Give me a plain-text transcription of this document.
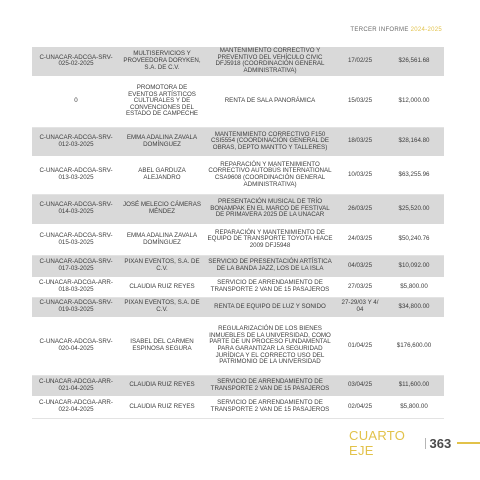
TERCER INFORME 2024-2025
C-UNACAR-ADCGA-SRV-025-02-2025	MULTISERVICIOS Y PROVEEDORA DORYKEN, S.A. DE C.V.	MANTENIMIENTO CORRECTIVO Y PREVENTIVO DEL VEHÍCULO CIVIC DFJ5918 (COORDINACIÓN GENERAL ADMINISTRATIVA)	17/02/25	$26,561.68
0	PROMOTORA DE EVENTOS ARTÍSTICOS CULTURALES Y DE CONVENCIONES DEL ESTADO DE CAMPECHE	RENTA DE SALA PANORÁMICA	15/03/25	$12,000.00
C-UNACAR-ADCGA-SRV-012-03-2025	EMMA ADALINA ZAVALA DOMÍNGUEZ	MANTENIMIENTO CORRECTIVO F150 CSI5554 (COORDINACIÓN GENERAL DE OBRAS, DEPTO MANTTO Y TALLERES)	18/03/25	$28,164.80
C-UNACAR-ADCGA-SRV-013-03-2025	ABEL GARDUZA ALEJANDRO	REPARACIÓN Y MANTENIMIENTO CORRECTIVO AUTOBÚS INTERNATIONAL CSA9608 (COORDINACIÓN GENERAL ADMINISTRATIVA)	10/03/25	$63,255.96
C-UNACAR-ADCGA-SRV-014-03-2025	JOSÉ MELECIO CÁMERAS MÉNDEZ	PRESENTACIÓN MUSICAL DE TRÍO BONAMPAK EN EL MARCO DE FESTIVAL DE PRIMAVERA 2025 DE LA UNACAR	26/03/25	$25,520.00
C-UNACAR-ADCGA-SRV-015-03-2025	EMMA ADALINA ZAVALA DOMÍNGUEZ	REPARACIÓN Y MANTENIMIENTO DE EQUIPO DE TRANSPORTE TOYOTA HIACE 2009 DFJ5948	24/03/25	$50,240.76
C-UNACAR-ADCGA-SRV-017-03-2025	PIXAN EVENTOS, S.A. DE C.V.	SERVICIO DE PRESENTACIÓN ARTÍSTICA DE LA BANDA JAZZ, LOS DE LA ISLA	04/03/25	$10,092.00
C-UNACAR-ADCGA-ARR-018-03-2025	CLAUDIA RUIZ REYES	SERVICIO DE ARRENDAMIENTO DE TRANSPORTE 2 VAN DE 15 PASAJEROS	27/03/25	$5,800.00
C-UNACAR-ADCGA-SRV-019-03-2025	PIXAN EVENTOS, S.A. DE C.V.	RENTA DE EQUIPO DE LUZ Y SONIDO	27-29/03 Y 4/ 04	$34,800.00
C-UNACAR-ADCGA-SRV-020-04-2025	ISABEL DEL CARMEN ESPINOSA SEGURA	REGULARIZACIÓN DE LOS BIENES INMUEBLES DE LA UNIVERSIDAD, COMO PARTE DE UN PROCESO FUNDAMENTAL PARA GARANTIZAR LA SEGURIDAD JURÍDICA Y EL CORRECTO USO DEL PATRIMONIO DE LA UNIVERSIDAD	01/04/25	$176,600.00
C-UNACAR-ADCGA-ARR-021-04-2025	CLAUDIA RUIZ REYES	SERVICIO DE ARRENDAMIENTO DE TRANSPORTE 2 VAN DE 15 PASAJEROS	03/04/25	$11,600.00
C-UNACAR-ADCGA-ARR-022-04-2025	CLAUDIA RUIZ REYES	SERVICIO DE ARRENDAMIENTO DE TRANSPORTE 2 VAN DE 15 PASAJEROS	02/04/25	$5,800.00
CUARTO EJE	363
